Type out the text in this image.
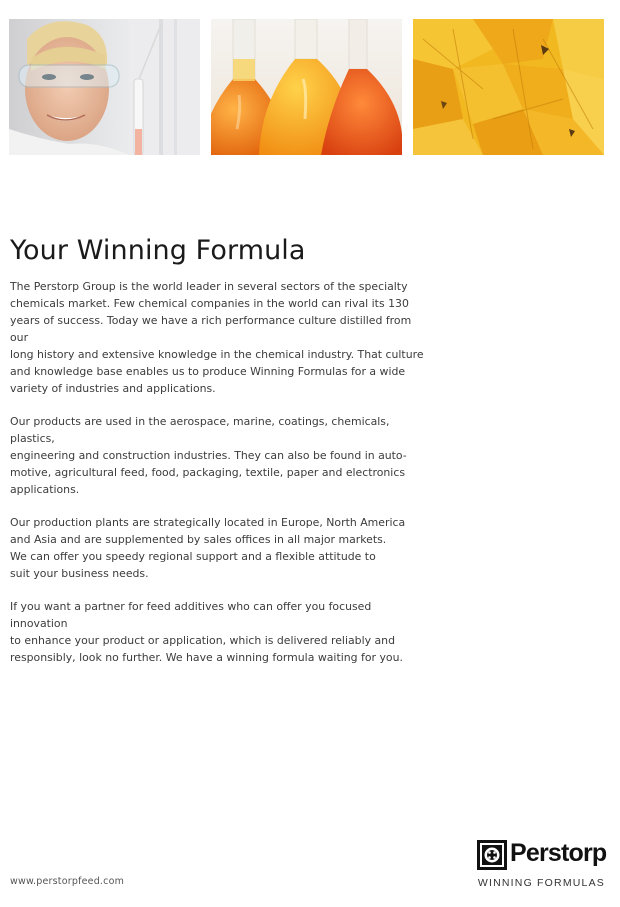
Your Winning Formula

The Perstorp Group is the world leader in several sectors of the specialty
chemicals market. Few chemical companies in the world can rival its 130
years of success. Today we have a rich performance culture distilled from our
long history and extensive knowledge in the chemical industry. That culture
and knowledge base enables us to produce Winning Formulas for a wide
variety of industries and applications.

Our products are used in the aerospace, marine, coatings, chemicals, plastics,
engineering and construction industries. They can also be found in auto-
motive, agricultural feed, food, packaging, textile, paper and electronics
applications.

Our production plants are strategically located in Europe, North America
and Asia and are supplemented by sales offices in all major markets.
We can offer you speedy regional support and a flexible attitude to
suit your business needs.

If you want a partner for feed additives who can offer you focused innovation
to enhance your product or application, which is delivered reliably and
responsibly, look no further. We have a winning formula waiting for you.

www.perstorpfeed.com
Perstorp
WINNING FORMULAS
